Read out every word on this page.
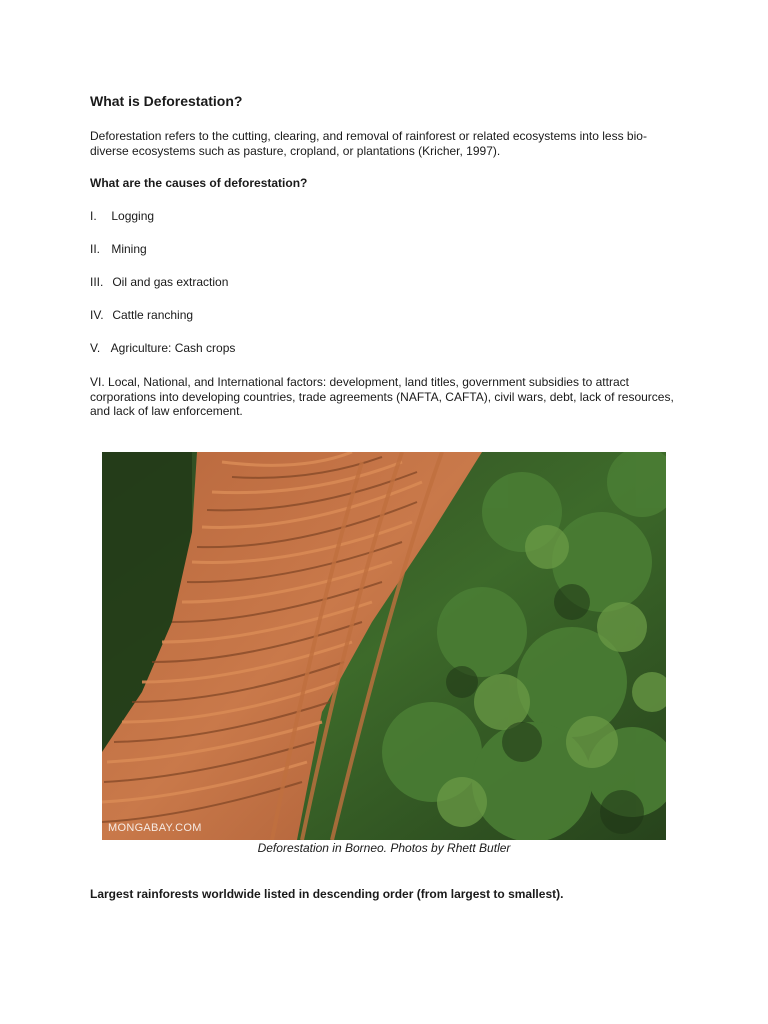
What is Deforestation?

Deforestation refers to the cutting, clearing, and removal of rainforest or related ecosystems into less bio-diverse ecosystems such as pasture, cropland, or plantations (Kricher, 1997).

What are the causes of deforestation?

I. Logging

II. Mining

III. Oil and gas extraction

IV. Cattle ranching

V. Agriculture: Cash crops

VI. Local, National, and International factors: development, land titles, government subsidies to attract corporations into developing countries, trade agreements (NAFTA, CAFTA), civil wars, debt, lack of resources, and lack of law enforcement.

MONGABAY.COM

Deforestation in Borneo. Photos by Rhett Butler

Largest rainforests worldwide listed in descending order (from largest to smallest).
